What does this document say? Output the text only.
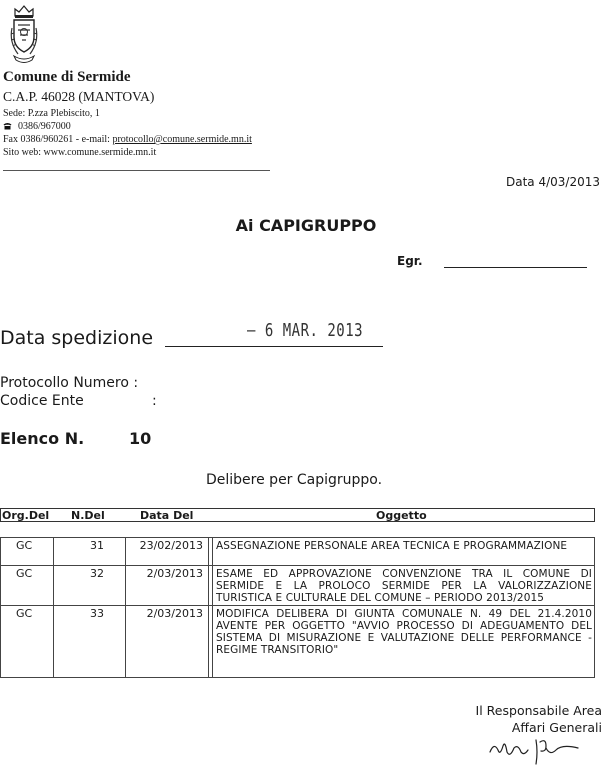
Comune di Sermide
C.A.P. 46028 (MANTOVA)
Sede: P.zza Plebiscito, 1
0386/967000
Fax 0386/960261 - e-mail: protocollo@comune.sermide.mn.it
Sito web: www.comune.sermide.mn.it
Data 4/03/2013
Ai CAPIGRUPPO
Egr.
Data spedizione	– 6 MAR. 2013
Protocollo Numero :
Codice Ente	:
Elenco N.	10
Delibere per Capigruppo.
Org.Del N.Del	Data Del	Oggetto
GC	31	23/02/2013 ASSEGNAZIONE PERSONALE AREA TECNICA E PROGRAMMAZIONE
GC	32	2/03/2013 ESAME ED APPROVAZIONE CONVENZIONE TRA IL COMUNE DI SERMIDE E LA PROLOCO SERMIDE PER LA VALORIZZAZIONE TURISTICA E CULTURALE DEL COMUNE – PERIODO 2013/2015
GC	33	2/03/2013 MODIFICA DELIBERA DI GIUNTA COMUNALE N. 49 DEL 21.4.2010 AVENTE PER OGGETTO "AVVIO PROCESSO DI ADEGUAMENTO DEL SISTEMA DI MISURAZIONE E VALUTAZIONE DELLE PERFORMANCE - REGIME TRANSITORIO"
Il Responsabile Area
Affari Generali
